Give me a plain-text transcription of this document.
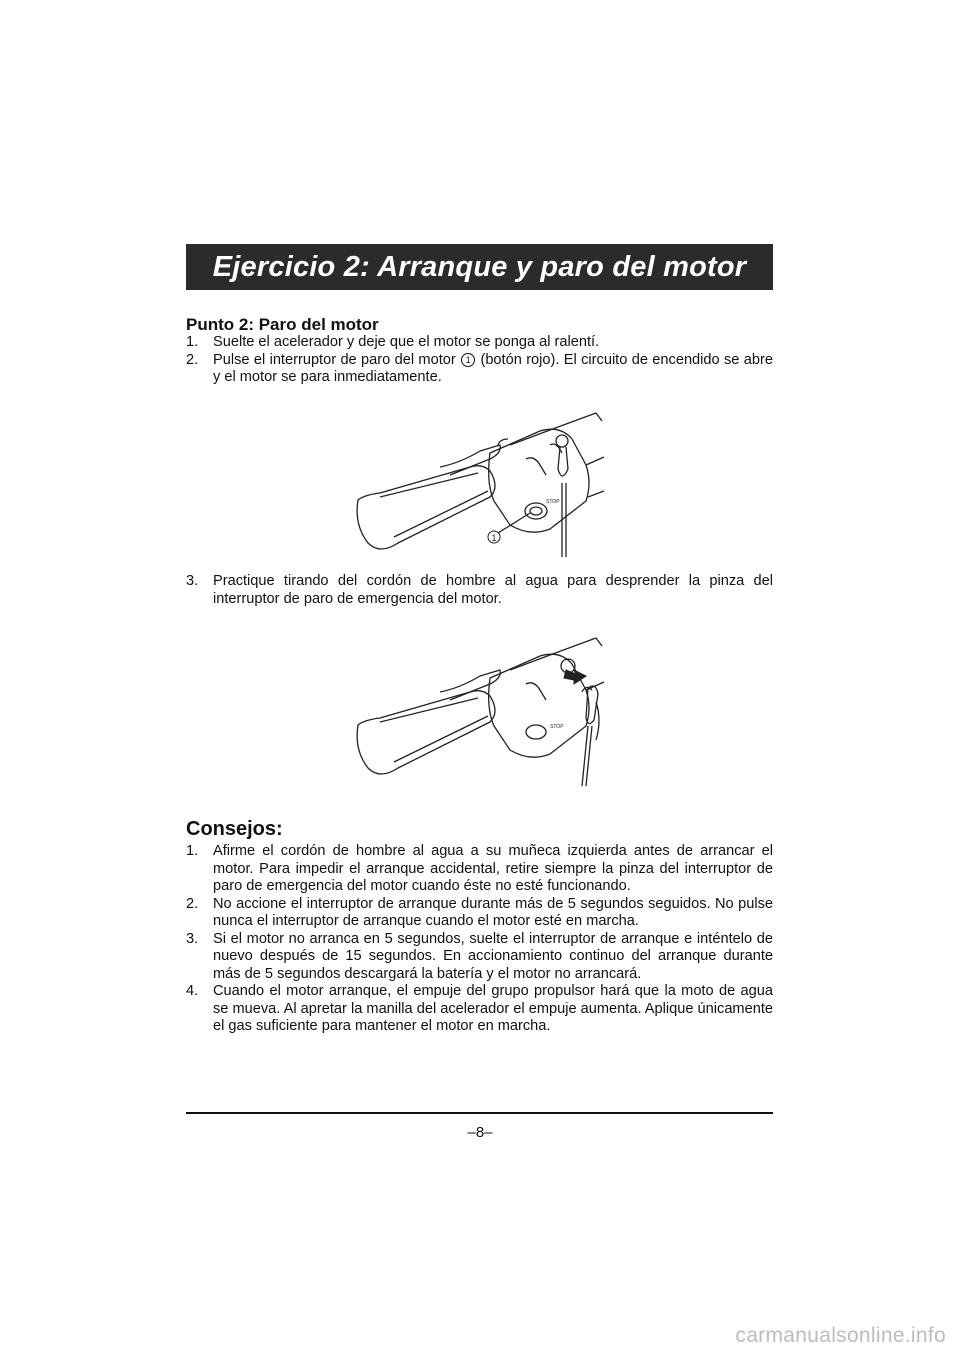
Ejercicio 2: Arranque y paro del motor
Punto 2: Paro del motor
1. Suelte el acelerador y deje que el motor se ponga al ralentí.
2. Pulse el interruptor de paro del motor 1 (botón rojo). El circuito de encendido se abre y el motor se para inmediatamente.
STOP
1
3. Practique tirando del cordón de hombre al agua para desprender la pinza del interruptor de paro de emergencia del motor.
STOP
Consejos:
1. Afirme el cordón de hombre al agua a su muñeca izquierda antes de arrancar el motor. Para impedir el arranque accidental, retire siempre la pinza del interruptor de paro de emergencia del motor cuando éste no esté funcionando.
2. No accione el interruptor de arranque durante más de 5 segundos seguidos. No pulse nunca el interruptor de arranque cuando el motor esté en marcha.
3. Si el motor no arranca en 5 segundos, suelte el interruptor de arranque e inténtelo de nuevo después de 15 segundos. En accionamiento continuo del arranque durante más de 5 segundos descargará la batería y el motor no arrancará.
4. Cuando el motor arranque, el empuje del grupo propulsor hará que la moto de agua se mueva. Al apretar la manilla del acelerador el empuje aumenta. Aplique únicamente el gas suficiente para mantener el motor en marcha.
–8–
carmanualsonline.info
